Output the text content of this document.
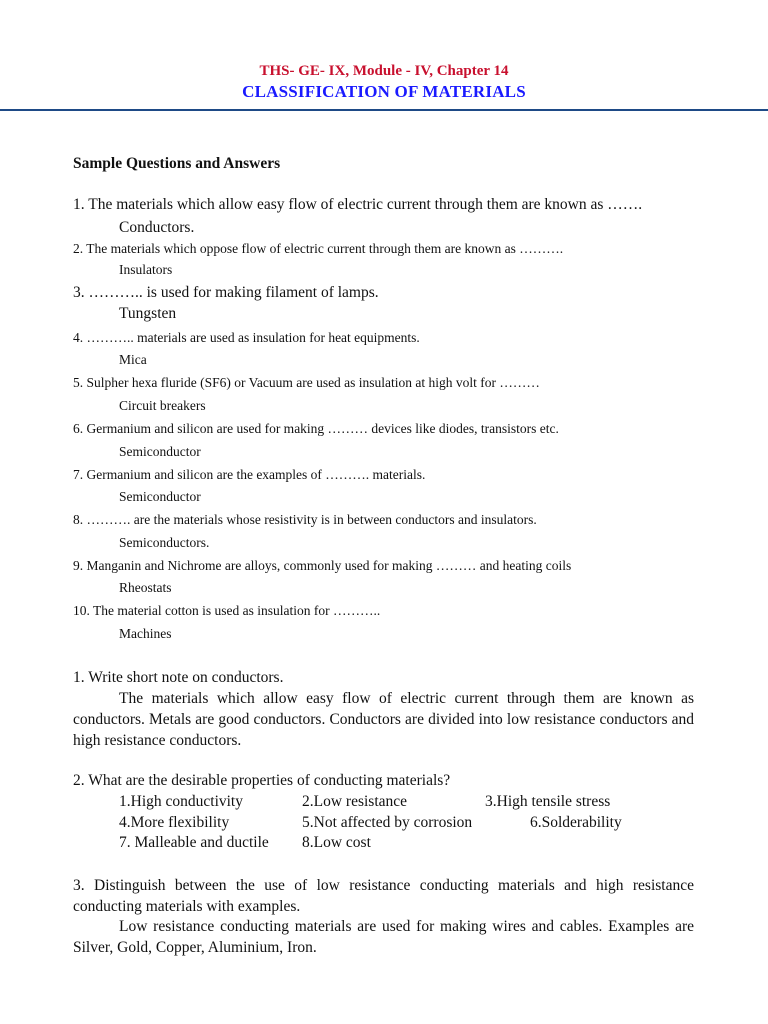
THS- GE- IX, Module - IV, Chapter 14
CLASSIFICATION OF MATERIALS
Sample Questions and Answers
1. The materials which allow easy flow of electric current through them are known as …….
Conductors.
2. The materials which oppose flow of electric current through them are known as ……….
Insulators
3. ……….. is used for making filament of lamps.
Tungsten
4. ……….. materials are used as insulation for heat equipments.
Mica
5. Sulpher hexa fluride (SF6) or Vacuum are used as insulation at high volt for ………
Circuit breakers
6. Germanium and silicon are used for making ……… devices like diodes, transistors etc.
Semiconductor
7. Germanium and silicon are the examples of ………. materials.
Semiconductor
8. ………. are the materials whose resistivity is in between conductors and insulators.
Semiconductors.
9. Manganin and Nichrome are alloys, commonly used for making ……… and heating coils
Rheostats
10. The material cotton is used as insulation for ………..
Machines
1. Write short note on conductors.
The materials which allow easy flow of electric current through them are known as conductors. Metals are good conductors. Conductors are divided into low resistance conductors and high resistance conductors.
2. What are the desirable properties of conducting materials?
1.High conductivity	2.Low resistance	3.High tensile stress
4.More flexibility	5.Not affected by corrosion	6.Solderability
7. Malleable and ductile 8.Low cost
3. Distinguish between the use of low resistance conducting materials and high resistance conducting materials with examples.
Low resistance conducting materials are used for making wires and cables. Examples are Silver, Gold, Copper, Aluminium, Iron.
